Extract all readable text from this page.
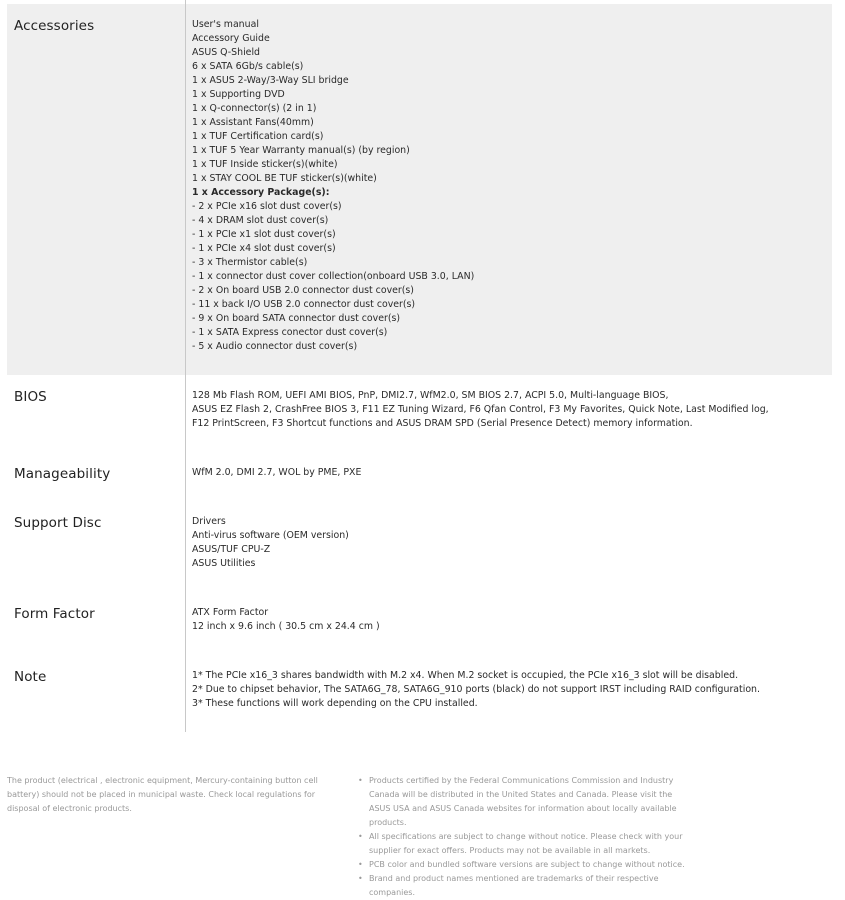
Accessories	User's manual
Accessory Guide
ASUS Q-Shield
6 x SATA 6Gb/s cable(s)
1 x ASUS 2-Way/3-Way SLI bridge
1 x Supporting DVD
1 x Q-connector(s) (2 in 1)
1 x Assistant Fans(40mm)
1 x TUF Certification card(s)
1 x TUF 5 Year Warranty manual(s) (by region)
1 x TUF Inside sticker(s)(white)
1 x STAY COOL BE TUF sticker(s)(white)
1 x Accessory Package(s):
- 2 x PCIe x16 slot dust cover(s)
- 4 x DRAM slot dust cover(s)
- 1 x PCIe x1 slot dust cover(s)
- 1 x PCIe x4 slot dust cover(s)
- 3 x Thermistor cable(s)
- 1 x connector dust cover collection(onboard USB 3.0, LAN)
- 2 x On board USB 2.0 connector dust cover(s)
- 11 x back I/O USB 2.0 connector dust cover(s)
- 9 x On board SATA connector dust cover(s)
- 1 x SATA Express conector dust cover(s)
- 5 x Audio connector dust cover(s)
BIOS	128 Mb Flash ROM, UEFI AMI BIOS, PnP, DMI2.7, WfM2.0, SM BIOS 2.7, ACPI 5.0, Multi-language BIOS,
ASUS EZ Flash 2, CrashFree BIOS 3, F11 EZ Tuning Wizard, F6 Qfan Control, F3 My Favorites, Quick Note, Last Modified log,
F12 PrintScreen, F3 Shortcut functions and ASUS DRAM SPD (Serial Presence Detect) memory information.
Manageability	WfM 2.0, DMI 2.7, WOL by PME, PXE
Support Disc	Drivers
Anti-virus software (OEM version)
ASUS/TUF CPU-Z
ASUS Utilities
Form Factor	ATX Form Factor
12 inch x 9.6 inch ( 30.5 cm x 24.4 cm )
Note	1* The PCIe x16_3 shares bandwidth with M.2 x4. When M.2 socket is occupied, the PCIe x16_3 slot will be disabled.
2* Due to chipset behavior, The SATA6G_78, SATA6G_910 ports (black) do not support IRST including RAID configuration.
3* These functions will work depending on the CPU installed.
The product (electrical , electronic equipment, Mercury-containing button cell battery) should not be placed in municipal waste. Check local regulations for disposal of electronic products.
• Products certified by the Federal Communications Commission and Industry Canada will be distributed in the United States and Canada. Please visit the ASUS USA and ASUS Canada websites for information about locally available products.
• All specifications are subject to change without notice. Please check with your supplier for exact offers. Products may not be available in all markets.
• PCB color and bundled software versions are subject to change without notice.
• Brand and product names mentioned are trademarks of their respective companies.
